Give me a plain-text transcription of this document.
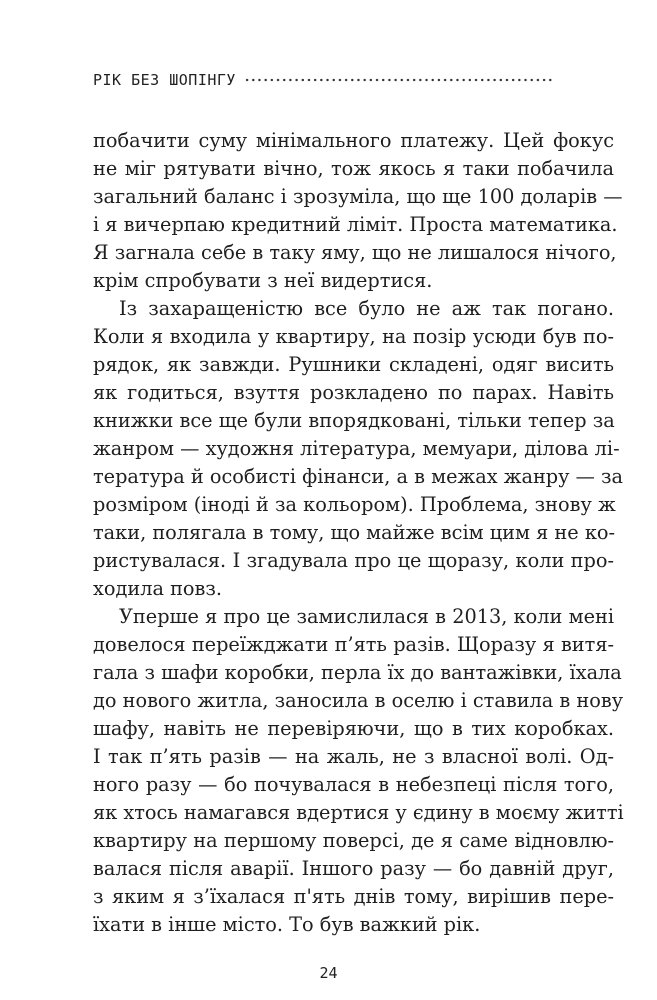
РІК БЕЗ ШОПІНГУ
побачити суму мінімального платежу. Цей фокус
не міг рятувати вічно, тож якось я таки побачила
загальний баланс і зрозуміла, що ще 100 доларів —
і я вичерпаю кредитний ліміт. Проста математика.
Я загнала себе в таку яму, що не лишалося нічого,
крім спробувати з неї видертися.
Із захаращеністю все було не аж так погано.
Коли я входила у квартиру, на позір усюди був по-
рядок, як завжди. Рушники складені, одяг висить
як годиться, взуття розкладено по парах. Навіть
книжки все ще були впорядковані, тільки тепер за
жанром — художня література, мемуари, ділова лі-
тература й особисті фінанси, а в межах жанру — за
розміром (іноді й за кольором). Проблема, знову ж
таки, полягала в тому, що майже всім цим я не ко-
ристувалася. І згадувала про це щоразу, коли про-
ходила повз.
Уперше я про це замислилася в 2013, коли мені
довелося переїжджати п’ять разів. Щоразу я витя-
гала з шафи коробки, перла їх до вантажівки, їхала
до нового житла, заносила в оселю і ставила в нову
шафу, навіть не перевіряючи, що в тих коробках.
І так п’ять разів — на жаль, не з власної волі. Од-
ного разу — бо почувалася в небезпеці після того,
як хтось намагався вдертися у єдину в моєму житті
квартиру на першому поверсі, де я саме відновлю-
валася після аварії. Іншого разу — бо давній друг,
з яким я з’їхалася п'ять днів тому, вирішив пере-
їхати в інше місто. То був важкий рік.
24
